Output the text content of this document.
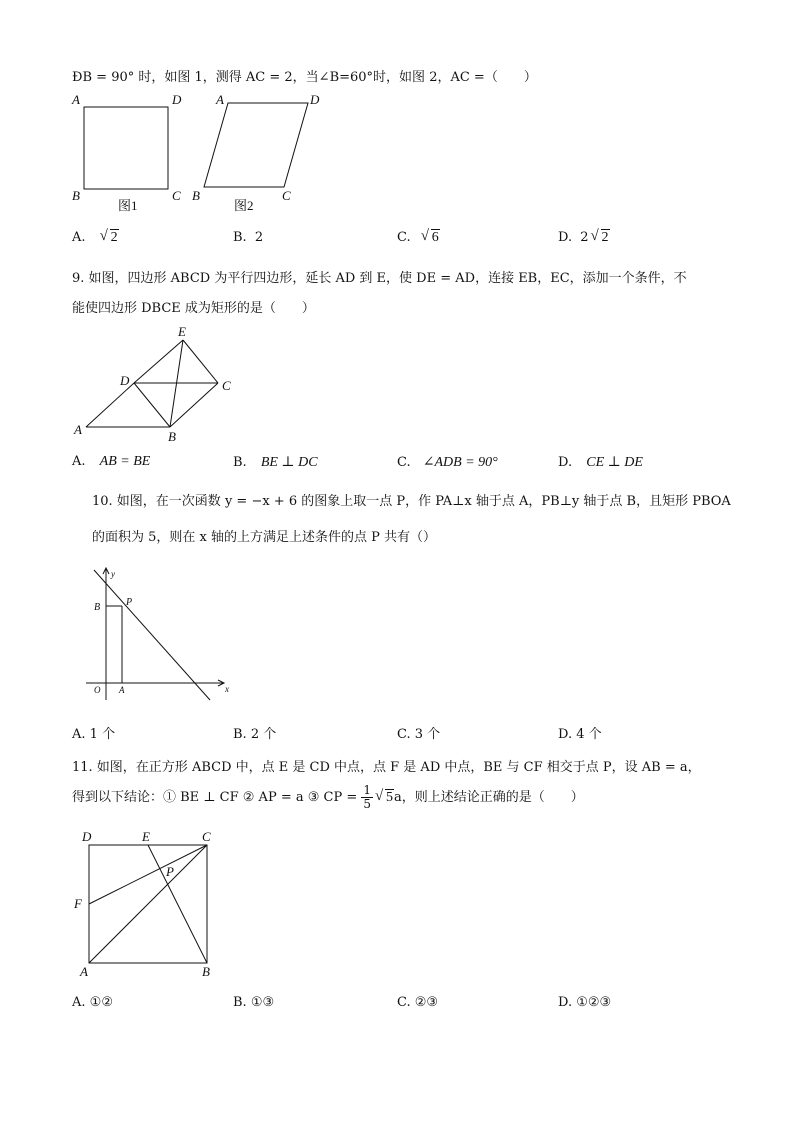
ÐB = 90° 时，如图 1，测得 AC = 2，当∠B=60°时，如图 2，AC =（　　）
A	D
B	C
图1
A	D
B	C
图2
A. √ 2	B. 2	C. √ 6	D. 2 √ 2
9. 如图，四边形 ABCD 为平行四边形，延长 AD 到 E，使 DE = AD，连接 EB，EC，添加一个条件，不
能使四边形 DBCE 成为矩形的是（　　）
E
D	C
A	B
A. AB = BE	B. BE ⊥ DC	C. ∠ADB = 90°	D. CE ⊥ DE
10. 如图，在一次函数 y = −x + 6 的图象上取一点 P，作 PA⊥x 轴于点 A，PB⊥y 轴于点 B，且矩形 PBOA
的面积为 5，则在 x 轴的上方满足上述条件的点 P 共有（）
y
x
B	P
O A
A. 1 个	B. 2 个	C. 3 个	D. 4 个
11. 如图，在正方形 ABCD 中，点 E 是 CD 中点，点 F 是 AD 中点，BE 与 CF 相交于点 P，设 AB = a，
得到以下结论：① BE ⊥ CF ② AP = a ③ CP = $\frac{1}{5}$ √ 5a，则上述结论正确的是（　　）
D	E	C
P
F
A	B
A. ①②	B. ①③	C. ②③	D. ①②③
